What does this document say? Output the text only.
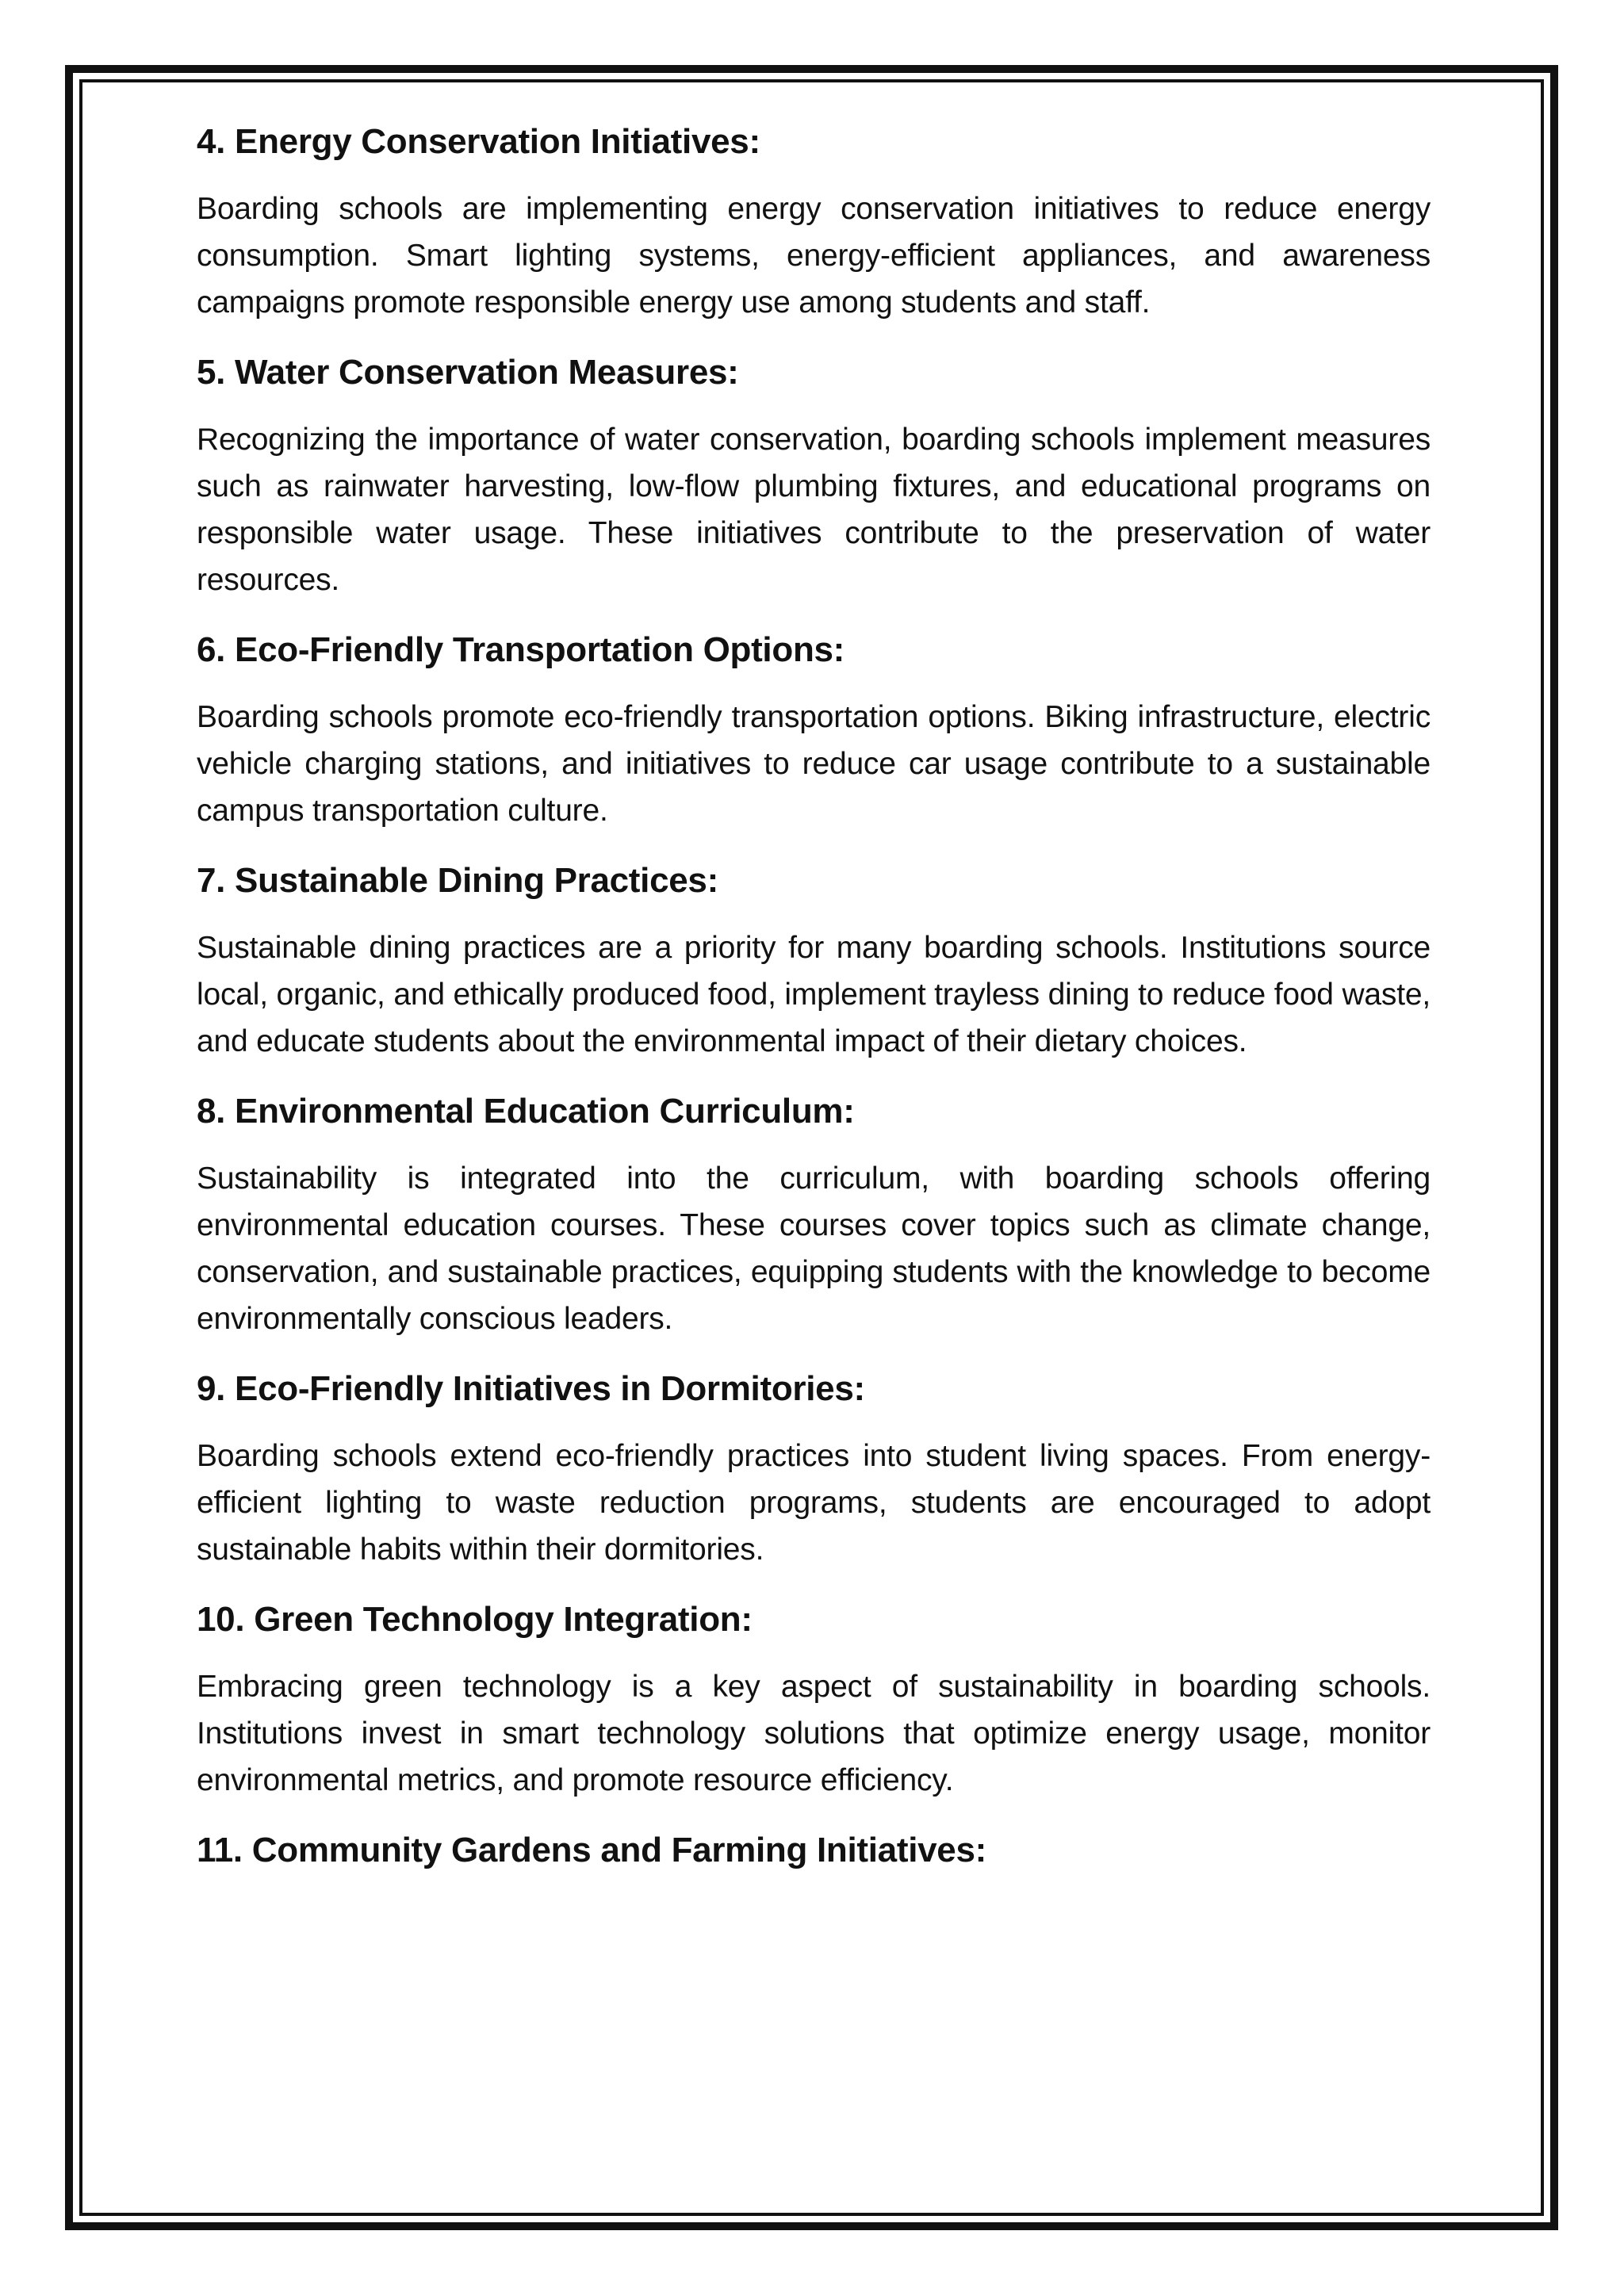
4. Energy Conservation Initiatives:

Boarding schools are implementing energy conservation initiatives to reduce energy consumption. Smart lighting systems, energy-efficient appliances, and awareness campaigns promote responsible energy use among students and staff.

5. Water Conservation Measures:

Recognizing the importance of water conservation, boarding schools implement measures such as rainwater harvesting, low-flow plumbing fixtures, and educational programs on responsible water usage. These initiatives contribute to the preservation of water resources.

6. Eco-Friendly Transportation Options:

Boarding schools promote eco-friendly transportation options. Biking infrastructure, electric vehicle charging stations, and initiatives to reduce car usage contribute to a sustainable campus transportation culture.

7. Sustainable Dining Practices:

Sustainable dining practices are a priority for many boarding schools. Institutions source local, organic, and ethically produced food, implement trayless dining to reduce food waste, and educate students about the environmental impact of their dietary choices.

8. Environmental Education Curriculum:

Sustainability is integrated into the curriculum, with boarding schools offering environmental education courses. These courses cover topics such as climate change, conservation, and sustainable practices, equipping students with the knowledge to become environmentally conscious leaders.

9. Eco-Friendly Initiatives in Dormitories:

Boarding schools extend eco-friendly practices into student living spaces. From energy-efficient lighting to waste reduction programs, students are encouraged to adopt sustainable habits within their dormitories.

10. Green Technology Integration:

Embracing green technology is a key aspect of sustainability in boarding schools. Institutions invest in smart technology solutions that optimize energy usage, monitor environmental metrics, and promote resource efficiency.

11. Community Gardens and Farming Initiatives:
